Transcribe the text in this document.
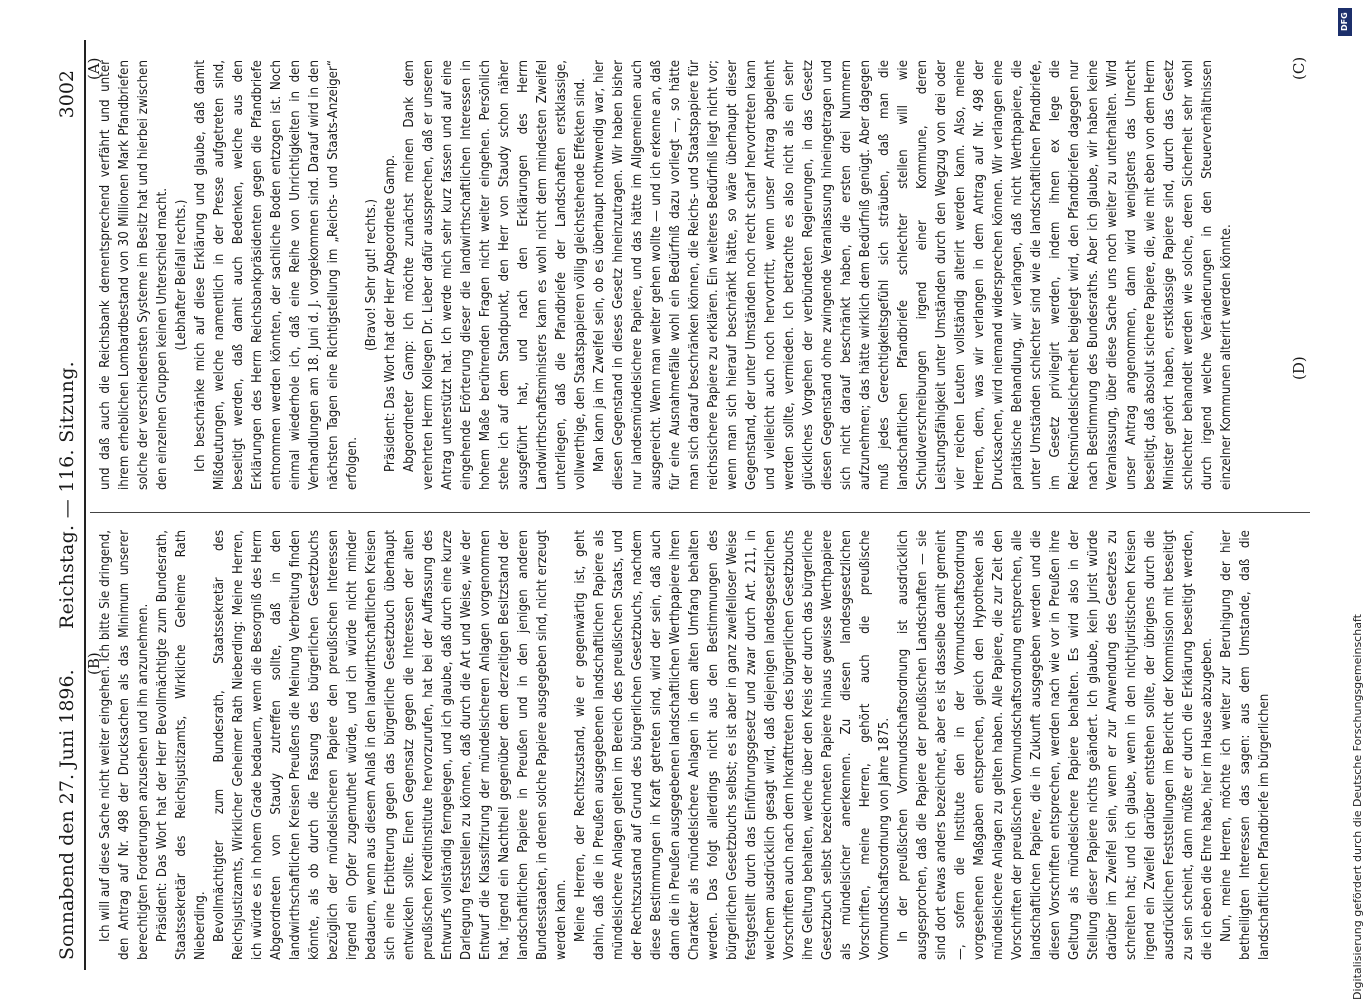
3002
Reichstag. — 116. Sitzung.
Sonnabend den 27. Juni 1896.
(A)
(B)
(C)
(D)

und daß auch die Reichsbank dementsprechend verfährt und unter ihrem erheblichen Lombardbestand von 30 Millionen Mark Pfandbriefen solche der verschiedensten Systeme im Besitz hat und hierbei zwischen den einzelnen Gruppen keinen Unterschied macht. (Lebhafter Beifall rechts.) Ich beschränke mich auf diese Erklärung und glaube, daß damit Mißdeutungen, welche namentlich in der Presse aufgetreten sind, beseitigt werden, daß damit auch Bedenken, welche aus den Erklärungen des Herrn Reichsbankpräsidenten gegen die Pfandbriefe entnommen werden könnten, der sachliche Boden entzogen ist. Noch einmal wiederhole ich, daß eine Reihe von Unrichtigkeiten in den Verhandlungen am 18. Juni d. J. vorgekommen sind. Darauf wird in den nächsten Tagen eine Richtigstellung im „Reichs- und Staats-Anzeiger“ erfolgen.

(Bravo! Sehr gut! rechts.) Präsident: Das Wort hat der Herr Abgeordnete Gamp. Abgeordneter Gamp: Ich möchte zunächst meinen Dank dem verehrten Herrn Kollegen Dr. Lieber dafür aussprechen, daß er unseren Antrag unterstützt hat. Ich werde mich sehr kurz fassen und auf eine eingehende Erörterung dieser die landwirthschaftlichen Interessen in hohem Maße berührenden Fragen nicht weiter eingehen. Persönlich stehe ich auf dem Standpunkt, den Herr von Staudy schon näher ausgeführt hat, und nach den Erklärungen des Herrn Landwirthschaftsministers kann es wohl nicht dem mindesten Zweifel unterliegen, daß die Pfandbriefe der Landschaften erstklassige, vollwerthige, den Staatspapieren völlig gleichstehende Effekten sind. Man kann ja im Zweifel sein, ob es überhaupt nothwendig war, hier diesen Gegenstand in dieses Gesetz hineinzutragen. Wir haben bisher nur landesmündelsichere Papiere, und das hätte im Allgemeinen auch ausgereicht. Wenn man weiter gehen wollte — und ich erkenne an, daß für eine Ausnahmefälle wohl ein Bedürfniß dazu vorliegt —, so hätte man sich darauf beschränken können, die Reichs- und Staatspapiere für reichssichere Papiere zu erklären. Ein weiteres Bedürfniß liegt nicht vor; wenn man sich hierauf beschränkt hätte, so wäre überhaupt dieser Gegenstand, der unter Umständen noch recht scharf hervortreten kann und vielleicht auch noch hervortritt, wenn unser Antrag abgelehnt werden sollte, vermieden. Ich betrachte es also nicht als ein sehr glückliches Vorgehen der verbündeten Regierungen, in das Gesetz diesen Gegenstand ohne zwingende Veranlassung hineingetragen und sich nicht darauf beschränkt haben, die ersten drei Nummern aufzunehmen; das hätte wirklich dem Bedürfniß genügt. Aber dagegen muß jedes Gerechtigkeitsgefühl sich sträuben, daß man die landschaftlichen Pfandbriefe schlechter stellen will wie Schuldverschreibungen irgend einer Kommune, deren Leistungsfähigkeit unter Umständen durch den Wegzug von drei oder vier reichen Leuten vollständig alterirt werden kann. Also, meine Herren, dem, was wir verlangen in dem Antrag auf Nr. 498 der Drucksachen, wird niemand widersprechen können. Wir verlangen eine paritätische Behandlung, wir verlangen, daß nicht Werthpapiere, die unter Umständen schlechter sind wie die landschaftlichen Pfandbriefe, im Gesetz privilegirt werden, indem ihnen ex lege die Reichsmündelsicherheit beigelegt wird, den Pfandbriefen dagegen nur nach Bestimmung des Bundesraths. Aber ich glaube, wir haben keine Veranlassung, über diese Sache uns noch weiter zu unterhalten. Wird unser Antrag angenommen, dann wird wenigstens das Unrecht beseitigt, daß absolut sichere Papiere, die, wie mit eben von dem Herrn Minister gehört haben, erstklassige Papiere sind, durch das Gesetz schlechter behandelt werden wie solche, deren Sicherheit sehr wohl durch irgend welche Veränderungen in den Steuerverhältnissen einzelner Kommunen alterirt werden könnte.

Ich will auf diese Sache nicht weiter eingehen. Ich bitte Sie dringend, den Antrag auf Nr. 498 der Drucksachen als das Minimum unserer berechtigten Forderungen anzusehen und ihn anzunehmen. Präsident: Das Wort hat der Herr Bevollmächtigte zum Bundesrath, Staatssekretär des Reichsjustizamts, Wirkliche Geheime Rath Nieberding. Bevollmächtigter zum Bundesrath, Staatssekretär des Reichsjustizamts, Wirklicher Geheimer Rath Nieberding: Meine Herren, ich würde es in hohem Grade bedauern, wenn die Besorgniß des Herrn Abgeordneten von Staudy zutreffen sollte, daß in den landwirthschaftlichen Kreisen Preußens die Meinung Verbreitung finden könnte, als ob durch die Fassung des bürgerlichen Gesetzbuchs bezüglich der mündelsicheren Papiere den preußischen Interessen irgend ein Opfer zugemuthet würde, und ich würde nicht minder bedauern, wenn aus diesem Anlaß in den landwirthschaftlichen Kreisen sich eine Erbitterung gegen das bürgerliche Gesetzbuch überhaupt entwickeln sollte. Einen Gegensatz gegen die Interessen der alten preußischen Kreditinstitute hervorzurufen, hat bei der Auffassung des Entwurfs vollständig ferngelegen, und ich glaube, daß durch eine kurze Darlegung feststellen zu können, daß durch die Art und Weise, wie der Entwurf die Klassifizirung der mündelsicheren Anlagen vorgenommen hat, irgend ein Nachtheil gegenüber dem derzeitigen Besitzstand der landschaftlichen Papiere in Preußen und in den jenigen anderen Bundesstaaten, in denen solche Papiere ausgegeben sind, nicht erzeugt werden kann. Meine Herren, der Rechtszustand, wie er gegenwärtig ist, geht dahin, daß die in Preußen ausgegebenen landschaftlichen Papiere als mündelsichere Anlagen gelten im Bereich des preußischen Staats, und der Rechtszustand auf Grund des bürgerlichen Gesetzbuchs, nachdem diese Bestimmungen in Kraft getreten sind, wird der sein, daß auch dann die in Preußen ausgegebenen landschaftlichen Werthpapiere ihren Charakter als mündelsichere Anlagen in dem alten Umfang behalten werden. Das folgt allerdings nicht aus den Bestimmungen des bürgerlichen Gesetzbuchs selbst; es ist aber in ganz zweifelloser Weise festgestellt durch das Einführungsgesetz und zwar durch Art. 211, in welchem ausdrücklich gesagt wird, daß diejenigen landesgesetzlichen Vorschriften auch nach dem Inkrafttreten des bürgerlichen Gesetzbuchs ihre Geltung behalten, welche über den Kreis der durch das bürgerliche Gesetzbuch selbst bezeichneten Papiere hinaus gewisse Werthpapiere als mündelsicher anerkennen. Zu diesen landesgesetzlichen Vorschriften, meine Herren, gehört auch die preußische Vormundschaftsordnung von Jahre 1875. In der preußischen Vormundschaftsordnung ist ausdrücklich ausgesprochen, daß die Papiere der preußischen Landschaften — sie sind dort etwas anders bezeichnet, aber es ist dasselbe damit gemeint —, sofern die Institute den in der Vormundschaftsordnung vorgesehenen Maßgaben entsprechen, gleich den Hypotheken als mündelsichere Anlagen zu gelten haben. Alle Papiere, die zur Zeit den Vorschriften der preußischen Vormundschaftsordnung entsprechen, alle landschaftlichen Papiere, die in Zukunft ausgegeben werden und die diesen Vorschriften entsprechen, werden nach wie vor in Preußen ihre Geltung als mündelsichere Papiere behalten. Es wird also in der Stellung dieser Papiere nichts geändert. Ich glaube, kein Jurist würde darüber im Zweifel sein, wenn er zur Anwendung des Gesetzes zu schreiten hat; und ich glaube, wenn in den nichtjuristischen Kreisen irgend ein Zweifel darüber entstehen sollte, der übrigens durch die ausdrücklichen Feststellungen im Bericht der Kommission mit beseitigt zu sein scheint, dann müßte er durch die Erklärung beseitigt werden, die ich eben die Ehre habe, hier im Hause abzugeben. Nun, meine Herren, möchte ich weiter zur Beruhigung der hier betheiligten Interessen das sagen: aus dem Umstande, daß die landschaftlichen Pfandbriefe im bürgerlichen

DFG
Digitalisierung gefördert durch die Deutsche Forschungsgemeinschaft
